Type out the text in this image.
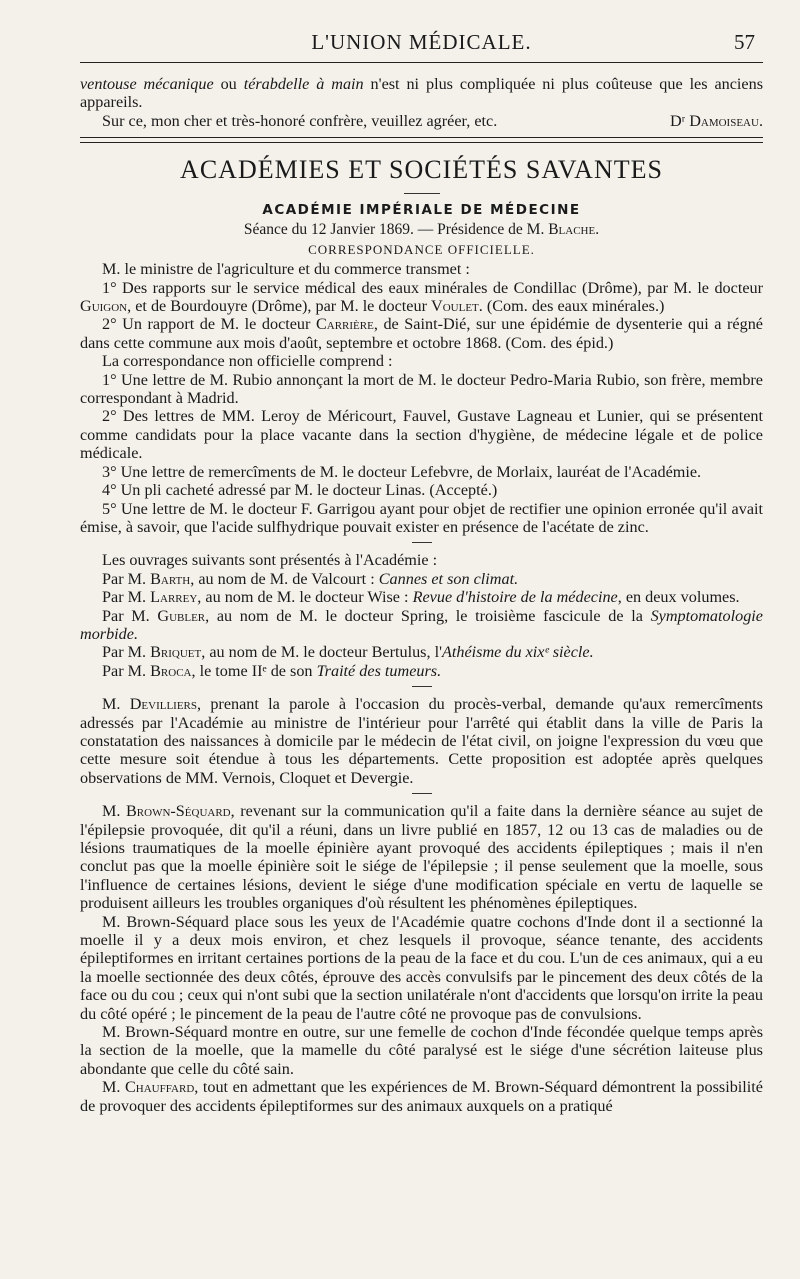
L'UNION MÉDICALE.	57

ventouse mécanique ou térabdelle à main n'est ni plus compliquée ni plus coûteuse que les anciens appareils.

Sur ce, mon cher et très-honoré confrère, veuillez agréer, etc.	Dʳ Damoiseau.

ACADÉMIES ET SOCIÉTÉS SAVANTES
ACADÉMIE IMPÉRIALE DE MÉDECINE
Séance du 12 Janvier 1869. — Présidence de M. Blache.
CORRESPONDANCE OFFICIELLE.

M. le ministre de l'agriculture et du commerce transmet :

1° Des rapports sur le service médical des eaux minérales de Condillac (Drôme), par M. le docteur Guigon, et de Bourdouyre (Drôme), par M. le docteur Voulet. (Com. des eaux minérales.)

2° Un rapport de M. le docteur Carrière, de Saint-Dié, sur une épidémie de dysenterie qui a régné dans cette commune aux mois d'août, septembre et octobre 1868. (Com. des épid.)

La correspondance non officielle comprend :

1° Une lettre de M. Rubio annonçant la mort de M. le docteur Pedro-Maria Rubio, son frère, membre correspondant à Madrid.

2° Des lettres de MM. Leroy de Méricourt, Fauvel, Gustave Lagneau et Lunier, qui se présentent comme candidats pour la place vacante dans la section d'hygiène, de médecine légale et de police médicale.

3° Une lettre de remercîments de M. le docteur Lefebvre, de Morlaix, lauréat de l'Académie.

4° Un pli cacheté adressé par M. le docteur Linas. (Accepté.)

5° Une lettre de M. le docteur F. Garrigou ayant pour objet de rectifier une opinion erronée qu'il avait émise, à savoir, que l'acide sulfhydrique pouvait exister en présence de l'acétate de zinc.

Les ouvrages suivants sont présentés à l'Académie :

Par M. Barth, au nom de M. de Valcourt : Cannes et son climat.

Par M. Larrey, au nom de M. le docteur Wise : Revue d'histoire de la médecine, en deux volumes.

Par M. Gubler, au nom de M. le docteur Spring, le troisième fascicule de la Symptomatologie morbide.

Par M. Briquet, au nom de M. le docteur Bertulus, l'Athéisme du xixᵉ siècle.

Par M. Broca, le tome IIᵉ de son Traité des tumeurs.

M. Devilliers, prenant la parole à l'occasion du procès-verbal, demande qu'aux remercîments adressés par l'Académie au ministre de l'intérieur pour l'arrêté qui établit dans la ville de Paris la constatation des naissances à domicile par le médecin de l'état civil, on joigne l'expression du vœu que cette mesure soit étendue à tous les départements. Cette proposition est adoptée après quelques observations de MM. Vernois, Cloquet et Devergie.

M. Brown-Séquard, revenant sur la communication qu'il a faite dans la dernière séance au sujet de l'épilepsie provoquée, dit qu'il a réuni, dans un livre publié en 1857, 12 ou 13 cas de maladies ou de lésions traumatiques de la moelle épinière ayant provoqué des accidents épileptiques ; mais il n'en conclut pas que la moelle épinière soit le siége de l'épilepsie ; il pense seulement que la moelle, sous l'influence de certaines lésions, devient le siége d'une modification spéciale en vertu de laquelle se produisent ailleurs les troubles organiques d'où résultent les phénomènes épileptiques.

M. Brown-Séquard place sous les yeux de l'Académie quatre cochons d'Inde dont il a sectionné la moelle il y a deux mois environ, et chez lesquels il provoque, séance tenante, des accidents épileptiformes en irritant certaines portions de la peau de la face et du cou. L'un de ces animaux, qui a eu la moelle sectionnée des deux côtés, éprouve des accès convulsifs par le pincement des deux côtés de la face ou du cou ; ceux qui n'ont subi que la section unilatérale n'ont d'accidents que lorsqu'on irrite la peau du côté opéré ; le pincement de la peau de l'autre côté ne provoque pas de convulsions.

M. Brown-Séquard montre en outre, sur une femelle de cochon d'Inde fécondée quelque temps après la section de la moelle, que la mamelle du côté paralysé est le siége d'une sécrétion laiteuse plus abondante que celle du côté sain.

M. Chauffard, tout en admettant que les expériences de M. Brown-Séquard démontrent la possibilité de provoquer des accidents épileptiformes sur des animaux auxquels on a pratiqué
